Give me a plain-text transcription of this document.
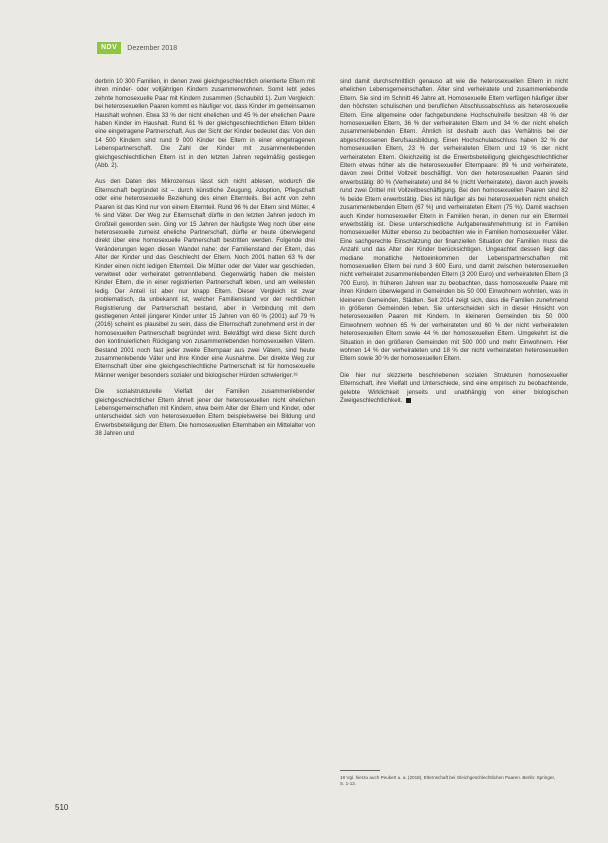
NDV	Dezember 2018

derbrin 10 300 Familien, in denen zwei gleichgeschlechtlich orientierte Eltern mit ihren minder- oder volljährigen Kindern zusammenwohnen. Somit lebt jedes zehnte homosexuelle Paar mit Kindern zusammen (Schaubild 1). Zum Vergleich: bei heterosexuellen Paaren kommt es häufiger vor, dass Kinder im gemeinsamen Haushalt wohnen. Etwa 33 % der nicht ehelichen und 45 % der ehelichen Paare haben Kinder im Haushalt. Rund 61 % der gleichgeschlechtlichen Eltern bilden eine eingetragene Partnerschaft. Aus der Sicht der Kinder bedeutet das: Von den 14 500 Kindern sind rund 9 000 Kinder bei Eltern in einer eingetragenen Lebenspartnerschaft. Die Zahl der Kinder mit zusammenlebenden gleichgeschlechtlichen Eltern ist in den letzten Jahren regelmäßig gestiegen (Abb. 2).

Aus den Daten des Mikrozensus lässt sich nicht ablesen, wodurch die Elternschaft begründet ist – durch künstliche Zeugung, Adoption, Pflegschaft oder eine heterosexuelle Beziehung des einen Elternteils. Bei acht von zehn Paaren ist das Kind nur von einem Elternteil. Rund 96 % der Eltern sind Mütter, 4 % sind Väter. Der Weg zur Elternschaft dürfte in den letzten Jahren jedoch im Großteil geworden sein. Ging vor 15 Jahren der häufigste Weg noch über eine heterosexuelle zumeist eheliche Partnerschaft, dürfte er heute überwiegend direkt über eine homosexuelle Partnerschaft bestritten werden. Folgende drei Veränderungen legen diesen Wandel nahe: der Familienstand der Eltern, das Alter der Kinder und das Geschlecht der Eltern. Noch 2001 hatten 63 % der Kinder einen nicht ledigen Elternteil. Die Mütter oder der Vater war geschieden, verwitwet oder verheiratet getrenntlebend. Gegenwärtig haben die meisten Kinder Eltern, die in einer registrierten Partnerschaft leben, und am weitesten ledig. Der Anteil ist aber nur knapp Eltern. Dieser Vergleich ist zwar problematisch, da unbekannt ist, welcher Familienstand vor der rechtlichen Registrierung der Partnerschaft bestand, aber in Verbindung mit dem gestiegenen Anteil jüngerer Kinder unter 15 Jahren von 60 % (2001) auf 79 % (2016) scheint es plausibel zu sein, dass die Elternschaft zunehmend erst in der homosexuellen Partnerschaft begründet wird. Bekräftigt wird diese Sicht durch den kontinuierlichen Rückgang von zusammenlebenden homosexuellen Vätern. Bestand 2001 noch fast jeder zweite Elternpaar aus zwei Vätern, sind heute zusammenlebende Väter und ihre Kinder eine Ausnahme. Der direkte Weg zur Elternschaft über eine gleichgeschlechtliche Partnerschaft ist für homosexuelle Männer weniger besonders sozialer und biologischer Hürden schwieriger.¹⁸

Die sozialstrukturelle Vielfalt der Familien zusammenlebender gleichgeschlechtlicher Eltern ähnelt jener der heterosexuellen nicht ehelichen Lebensgemeinschaften mit Kindern, etwa beim Alter der Eltern und Kinder, oder unterscheidet sich von heterosexuellen Eltern beispielsweise bei Bildung und Erwerbsbeteiligung der Eltern. Die homosexuellen Elternhaben ein Mittelalter von 38 Jahren und

sind damit durchschnittlich genauso alt wie die heterosexuellen Eltern in nicht ehelichen Lebensgemeinschaften. Älter sind verheiratete und zusammenlebende Eltern. Sie sind im Schnitt 46 Jahre alt. Homosexuelle Eltern verfügen häufiger über den höchsten schulischen und beruflichen Abschlussabschluss als heterosexuelle Eltern. Eine allgemeine oder fachgebundene Hochschulreife besitzen 48 % der homosexuellen Eltern, 36 % der verheirateten Eltern und 34 % der nicht ehelich zusammenlebenden Eltern. Ähnlich ist deshalb auch das Verhältnis bei der abgeschlossenen Berufsausbildung. Einen Hochschulabschluss haben 32 % der homosexuellen Eltern, 23 % der verheirateten Eltern und 19 % der nicht verheirateten Eltern. Gleichzeitig ist die Erwerbsbeteiligung gleichgeschlechtlicher Eltern etwas höher als die heterosexueller Elternpaare: 89 % und verheiratete, davon zwei Drittel Vollzeit beschäftigt. Von den heterosexuellen Paaren sind erwerbstätig: 80 % (Verheiratete) und 84 % (nicht Verheiratete), davon auch jeweils rund zwei Drittel mit Vollzeitbeschäftigung. Bei den homosexuellen Paaren sind 82 % beide Eltern erwerbstätig. Dies ist häufiger als bei heterosexuellen nicht ehelich zusammenlebenden Eltern (67 %) und verheirateten Eltern (75 %). Damit wachsen auch Kinder homosexueller Eltern in Familien heran, in denen nur ein Elternteil erwerbstätig ist. Diese unterschiedliche Aufgabenwahrnehmung ist in Familien homosexueller Mütter ebenso zu beobachten wie in Familien homosexueller Väter. Eine sachgerechte Einschätzung der finanziellen Situation der Familien muss die Anzahl und das Alter der Kinder berücksichtigen. Ungeachtet dessen liegt das mediane monatliche Nettoeinkommen der Lebenspartnerschaften mit homosexuellen Eltern bei rund 3 600 Euro, und damit zwischen heterosexuellen nicht verheiratet zusammenlebenden Eltern (3 200 Euro) und verheirateten Eltern (3 700 Euro). In früheren Jahren war zu beobachten, dass homosexuelle Paare mit ihren Kindern überwiegend in Gemeinden bis 50 000 Einwohnern wohnten, was in kleineren Gemeinden, Städten. Seit 2014 zeigt sich, dass die Familien zunehmend in größeren Gemeinden leben. Sie unterscheiden sich in dieser Hinsicht von heterosexuellen Paaren mit Kindern. In kleineren Gemeinden bis 50 000 Einwohnern wohnen 65 % der verheirateten und 60 % der nicht verheirateten heterosexuellen Eltern sowie 44 % der homosexuellen Eltern. Umgekehrt ist die Situation in den größeren Gemeinden mit 500 000 und mehr Einwohnern. Hier wohnen 14 % der verheirateten und 18 % der nicht verheirateten heterosexuellen Eltern sowie 30 % der homosexuellen Eltern.

Die hier nur skizzierte beschriebenen sozialen Strukturen homosexueller Elternschaft, ihre Vielfalt und Unterschiede, sind eine empirisch zu beobachtende, gelebte Wirklichkeit jenseits und unabhängig von einer biologischen Zweigeschlechtlichkeit.

18 Vgl. hierzu auch Peukert u. a. (2018), Elternschaft bei Gleichgeschlechtlichen Paaren. Berlin: Springer, S. 1-12.
510
